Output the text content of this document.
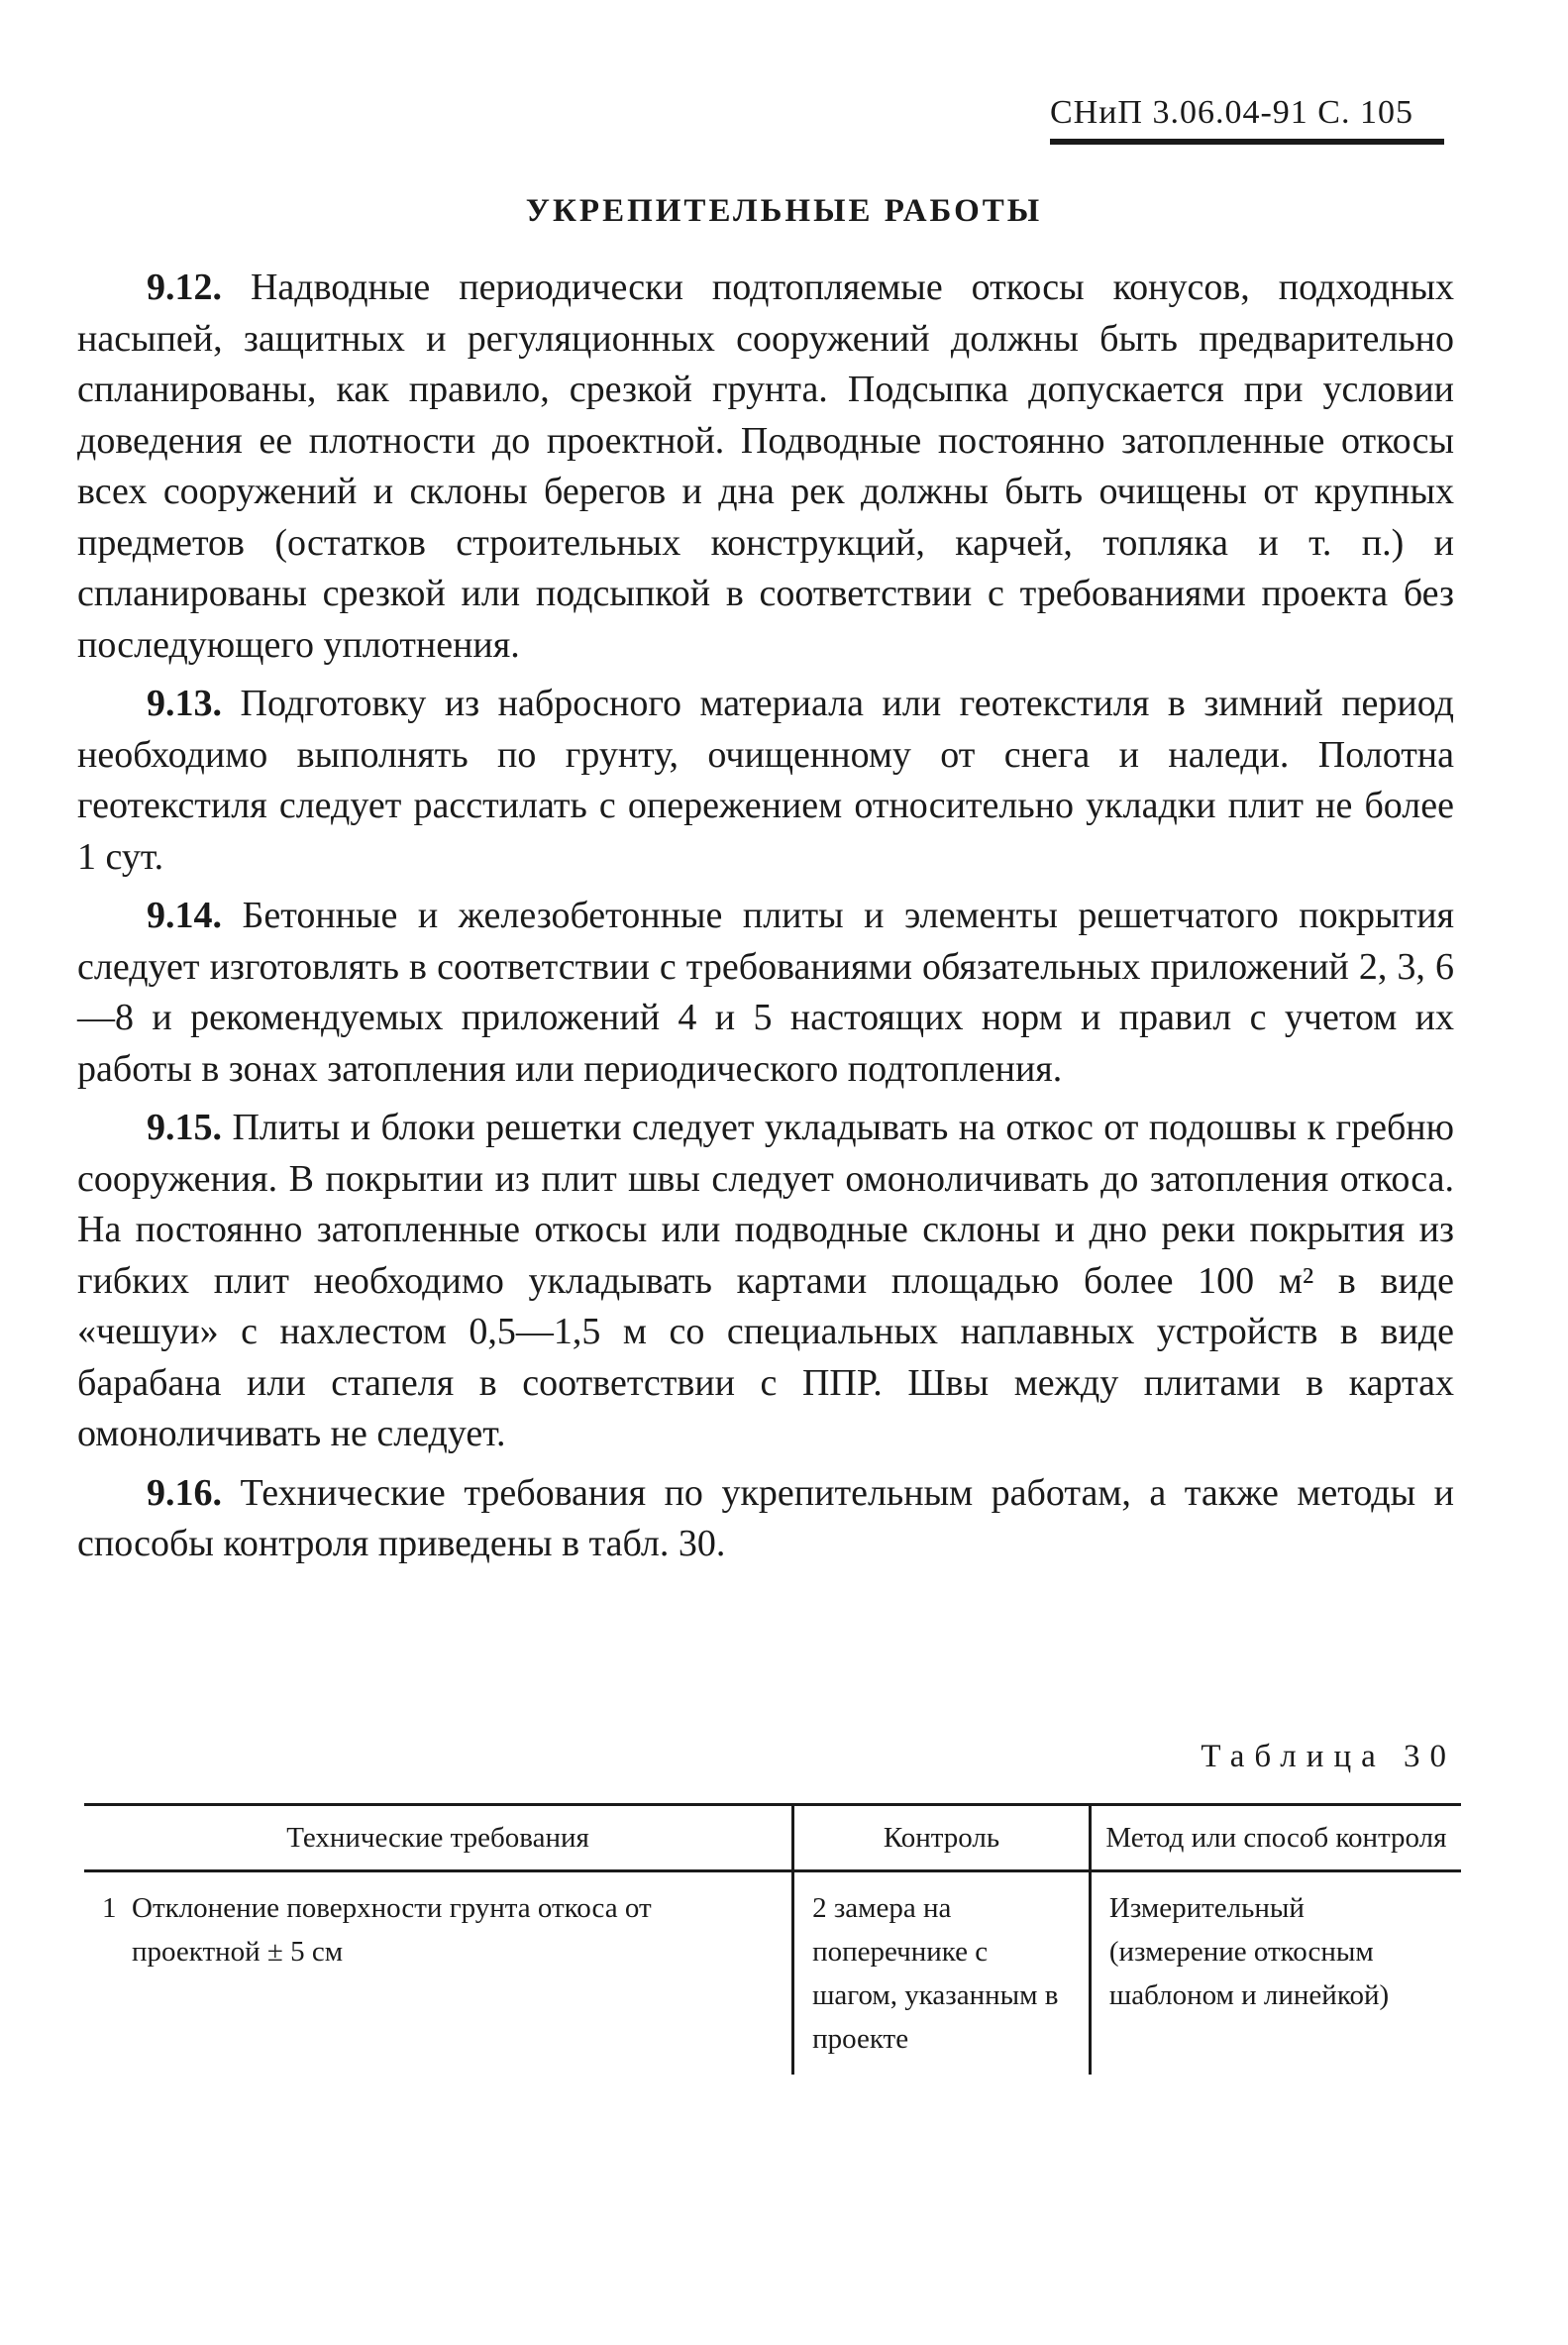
СНиП 3.06.04-91 С. 105
УКРЕПИТЕЛЬНЫЕ РАБОТЫ

9.12. Надводные периодически подтопляемые откосы конусов, подходных насыпей, защитных и регуляционных сооружений должны быть предварительно спланированы, как правило, срезкой грунта. Подсыпка допускается при условии доведения ее плотности до проектной. Подводные постоянно затопленные откосы всех сооружений и склоны берегов и дна рек должны быть очищены от крупных предметов (остатков строительных конструкций, карчей, топляка и т. п.) и спланированы срезкой или подсыпкой в соответствии с требованиями проекта без последующего уплотнения.

9.13. Подготовку из набросного материала или геотекстиля в зимний период необходимо выполнять по грунту, очищенному от снега и наледи. Полотна геотекстиля следует расстилать с опережением относительно укладки плит не более 1 сут.

9.14. Бетонные и железобетонные плиты и элементы решетчатого покрытия следует изготовлять в соответствии с требованиями обязательных приложений 2, 3, 6—8 и рекомендуемых приложений 4 и 5 настоящих норм и правил с учетом их работы в зонах затопления или периодического подтопления.

9.15. Плиты и блоки решетки следует укладывать на откос от подошвы к гребню сооружения. В покрытии из плит швы следует омоноличивать до затопления откоса. На постоянно затопленные откосы или подводные склоны и дно реки покрытия из гибких плит необходимо укладывать картами площадью более 100 м² в виде «чешуи» с нахлестом 0,5—1,5 м со специальных наплавных устройств в виде барабана или стапеля в соответствии с ППР. Швы между плитами в картах омоноличивать не следует.

9.16. Технические требования по укрепительным работам, а также методы и способы контроля приведены в табл. 30.

Таблица 30
Технические требования	Контроль	Метод или способ контроля
1 Отклонение поверхности грунта откоса от проектной ± 5 см	2 замера на поперечнике с шагом, указанным в проекте	Измерительный (измерение откосным шаблоном и линейкой)
